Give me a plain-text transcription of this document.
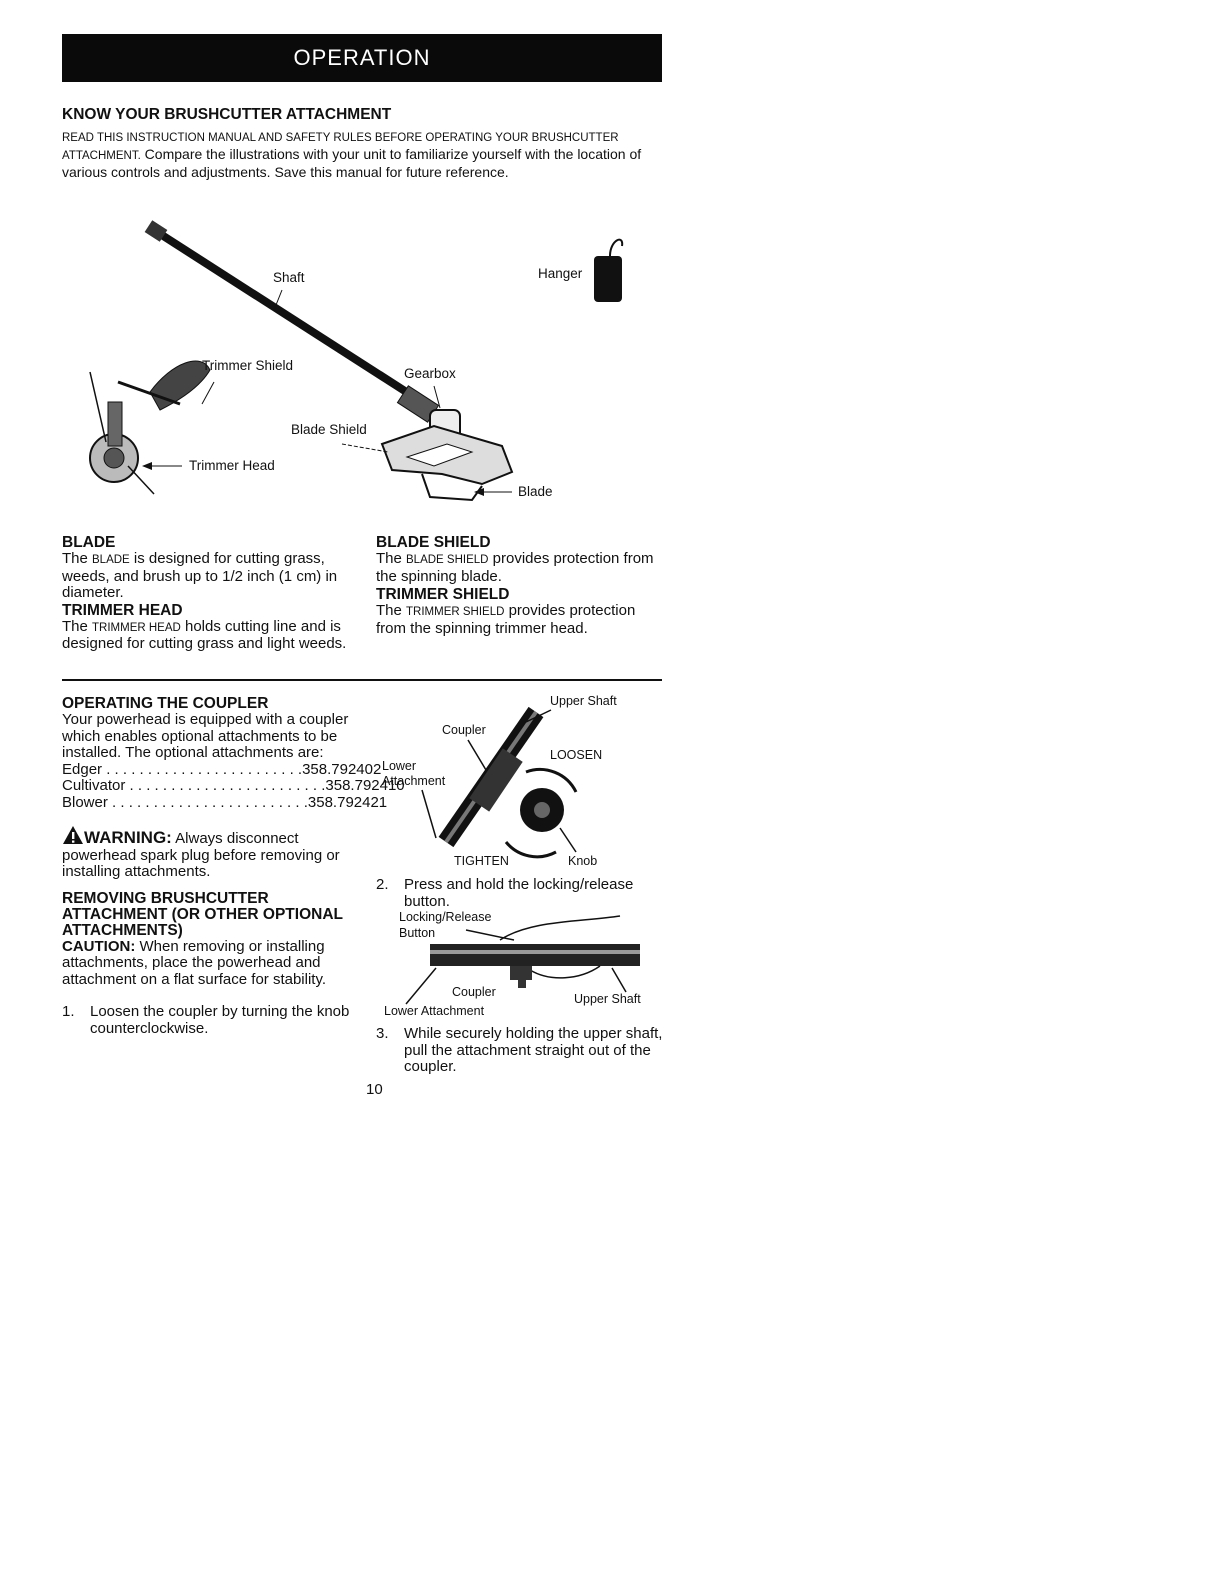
OPERATION
KNOW YOUR BRUSHCUTTER ATTACHMENT
READ THIS INSTRUCTION MANUAL AND SAFETY RULES BEFORE OPERATING YOUR BRUSHCUTTER ATTACHMENT. Compare the illustrations with your unit to familiarize yourself with the location of various controls and adjustments. Save this manual for future reference.
Shaft	Hanger
Trimmer Shield
Gearbox
Blade Shield
Trimmer Head
Blade
BLADE
The BLADE is designed for cutting grass, weeds, and brush up to 1/2 inch (1 cm) in diameter.
TRIMMER HEAD
The TRIMMER HEAD holds cutting line and is designed for cutting grass and light weeds.
BLADE SHIELD
The BLADE SHIELD provides protection from the spinning blade.
TRIMMER SHIELD
The TRIMMER SHIELD provides protection from the spinning trimmer head.
OPERATING THE COUPLER
Your powerhead is equipped with a coupler which enables optional attachments to be installed. The optional attachments are:
Edger . . . . . . . . . . . . . . . . . . . . . . . . 358.792402
Cultivator . . . . . . . . . . . . . . . . . . . . . . . . 358.792410
Blower . . . . . . . . . . . . . . . . . . . . . . . . 358.792421
WARNING: Always disconnect powerhead spark plug before removing or installing attachments.
REMOVING BRUSHCUTTER ATTACHMENT (OR OTHER OPTIONAL ATTACHMENTS)
CAUTION: When removing or installing attachments, place the powerhead and attachment on a flat surface for stability.
1.	Loosen the coupler by turning the knob counterclockwise.
Upper Shaft
Coupler
LOOSEN
Lower
Attachment
TIGHTEN	Knob
2.	Press and hold the locking/release button.
Locking/Release
Button
Coupler	Upper Shaft
Lower Attachment
3.	While securely holding the upper shaft, pull the attachment straight out of the coupler.
10
